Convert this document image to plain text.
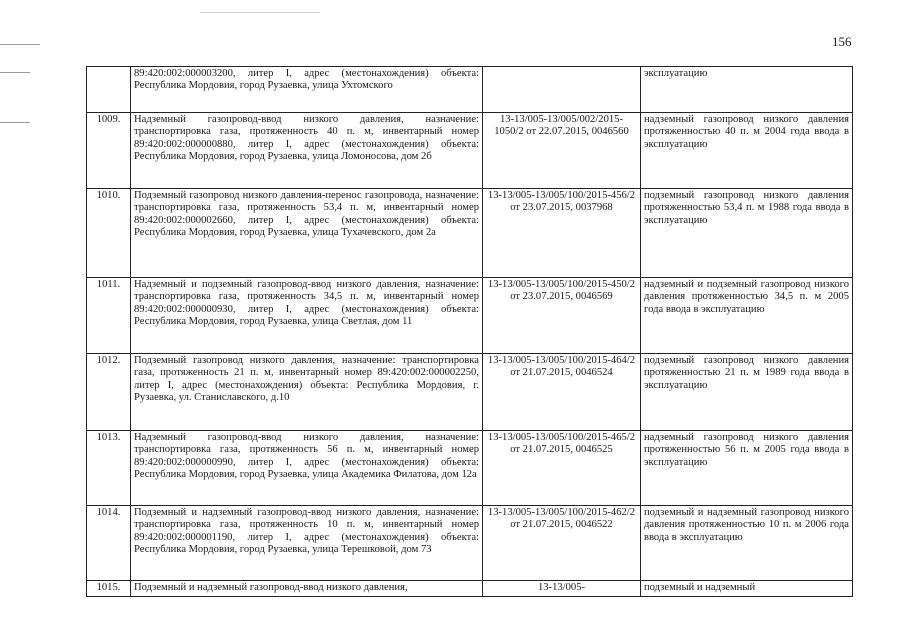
156
	89:420:002:000003200, литер I, адрес (местонахождения) объекта: Республика Мордовия, город Рузаевка, улица Ухтомского		эксплуатацию
1009.	Надземный газопровод-ввод низкого давления, назначение: транспортировка газа, протяженность 40 п. м, инвентарный номер 89:420:002:000000880, литер I, адрес (местонахождения) объекта: Республика Мордовия, город Рузаевка, улица Ломоносова, дом 2б	13-13/005-13/005/002/2015-1050/2 от 22.07.2015, 0046560	надземный газопровод низкого давления протяженностью 40 п. м 2004 года ввода в эксплуатацию
1010.	Подземный газопровод низкого давления-перенос газопровода, назначение: транспортировка газа, протяженность 53,4 п. м, инвентарный номер 89:420:002:000002660, литер I, адрес (местонахождения) объекта: Республика Мордовия, город Рузаевка, улица Тухачевского, дом 2а	13-13/005-13/005/100/2015-456/2 от 23.07.2015, 0037968	подземный газопровод низкого давления протяженностью 53,4 п. м 1988 года ввода в эксплуатацию
1011.	Надземный и подземный газопровод-ввод низкого давления, назначение: транспортировка газа, протяженность 34,5 п. м, инвентарный номер 89:420:002:000000930, литер I, адрес (местонахождения) объекта: Республика Мордовия, город Рузаевка, улица Светлая, дом 11	13-13/005-13/005/100/2015-450/2 от 23.07.2015, 0046569	надземный и подземный газопровод низкого давления протяженностью 34,5 п. м 2005 года ввода в эксплуатацию
1012.	Подземный газопровод низкого давления, назначение: транспортировка газа, протяженность 21 п. м, инвентарный номер 89:420:002:000002250, литер I, адрес (местонахождения) объекта: Республика Мордовия, г. Рузаевка, ул. Станиславского, д.10	13-13/005-13/005/100/2015-464/2 от 21.07.2015, 0046524	подземный газопровод низкого давления протяженностью 21 п. м 1989 года ввода в эксплуатацию
1013.	Надземный газопровод-ввод низкого давления, назначение: транспортировка газа, протяженность 56 п. м, инвентарный номер 89:420:002:000000990, литер I, адрес (местонахождения) объекта: Республика Мордовия, город Рузаевка, улица Академика Филатова, дом 12а	13-13/005-13/005/100/2015-465/2 от 21.07.2015, 0046525	надземный газопровод низкого давления протяженностью 56 п. м 2005 года ввода в эксплуатацию
1014.	Подземный и надземный газопровод-ввод низкого давления, назначение: транспортировка газа, протяженность 10 п. м, инвентарный номер 89:420:002:000001190, литер I, адрес (местонахождения) объекта: Республика Мордовия, город Рузаевка, улица Терешковой, дом 73	13-13/005-13/005/100/2015-462/2 от 21.07.2015, 0046522	подземный и надземный газопровод низкого давления протяженностью 10 п. м 2006 года ввода в эксплуатацию
1015.	Подземный и надземный газопровод-ввод низкого давления,	13-13/005-	подземный и надземный
